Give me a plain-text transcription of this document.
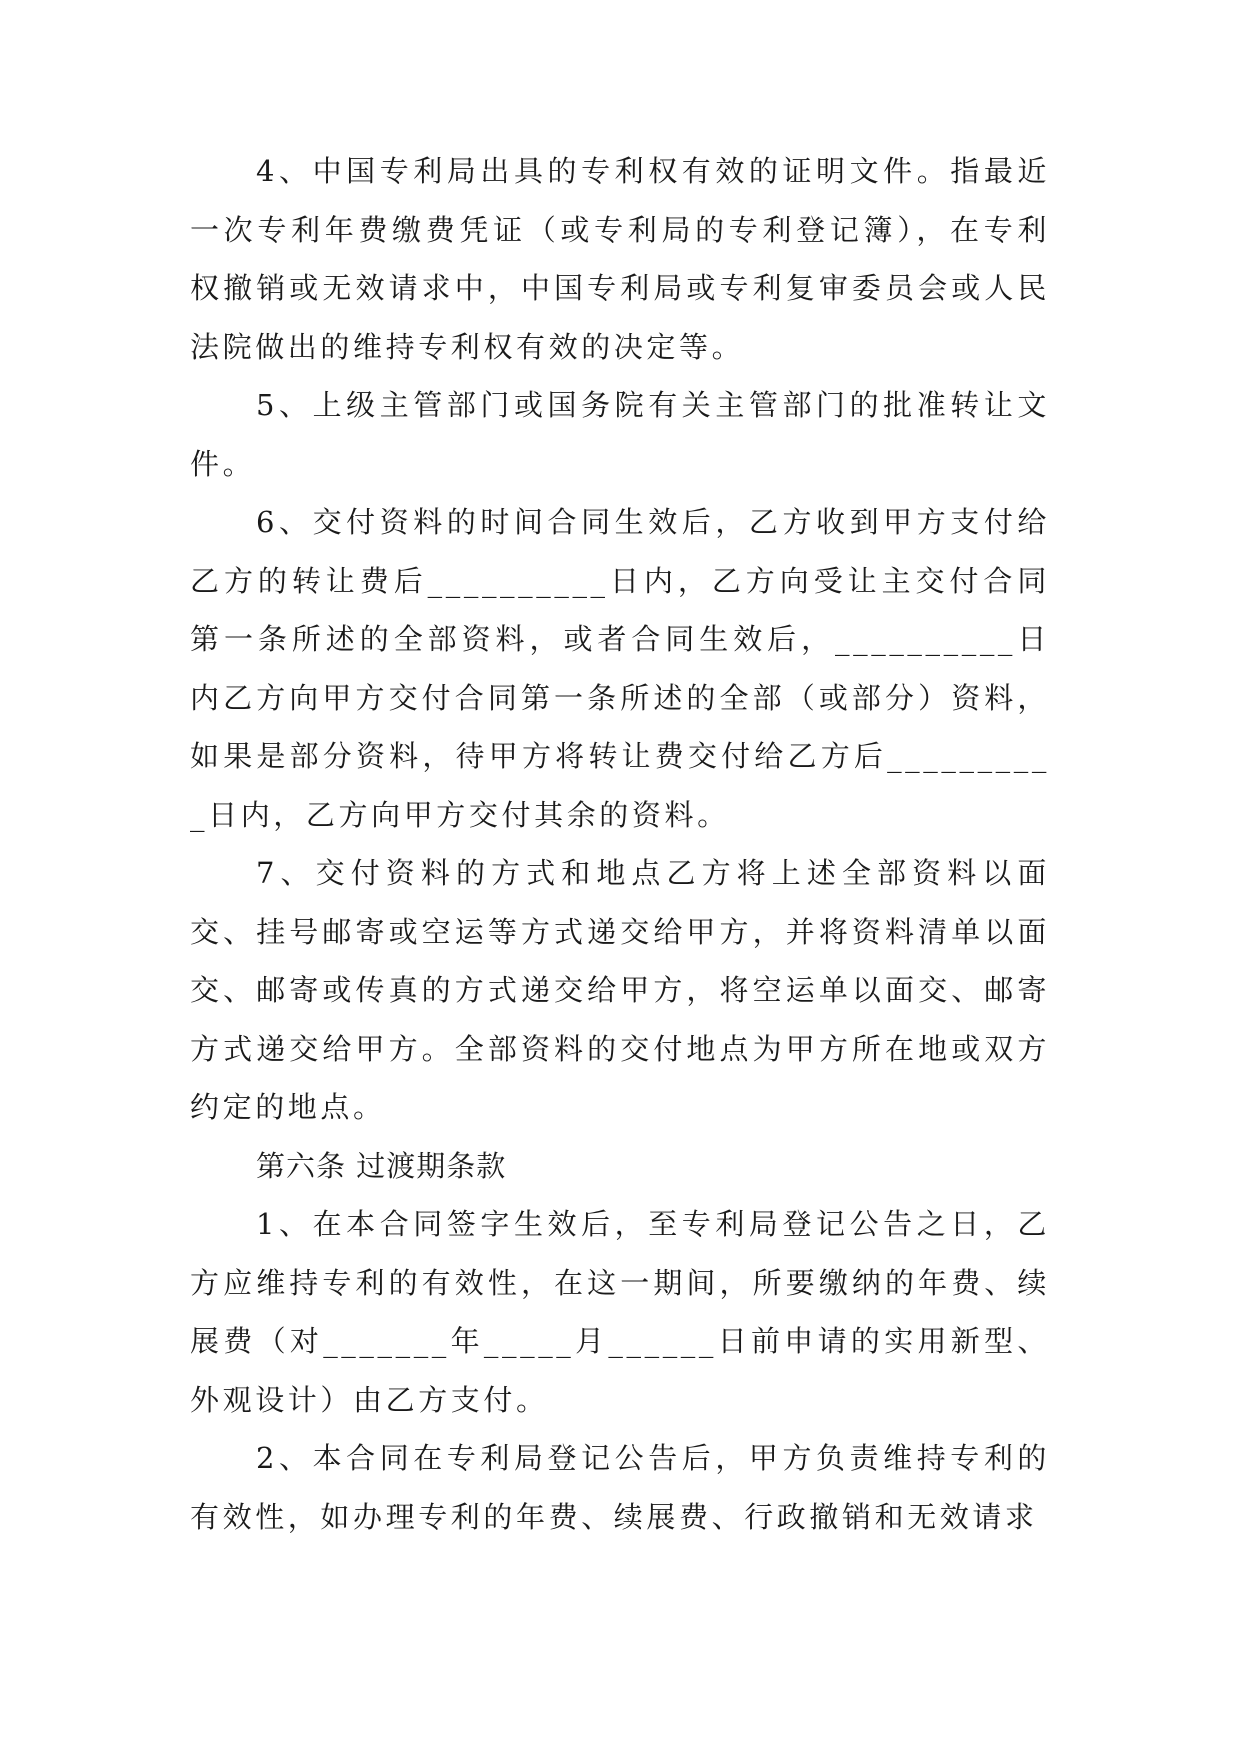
4、中国专利局出具的专利权有效的证明文件。指最近一次专利年费缴费凭证（或专利局的专利登记簿），在专利权撤销或无效请求中，中国专利局或专利复审委员会或人民法院做出的维持专利权有效的决定等。

5、上级主管部门或国务院有关主管部门的批准转让文件。

6、交付资料的时间合同生效后，乙方收到甲方支付给乙方的转让费后__________日内，乙方向受让主交付合同第一条所述的全部资料，或者合同生效后，__________日内乙方向甲方交付合同第一条所述的全部（或部分）资料，如果是部分资料，待甲方将转让费交付给乙方后__________日内，乙方向甲方交付其余的资料。

7、交付资料的方式和地点乙方将上述全部资料以面交、挂号邮寄或空运等方式递交给甲方，并将资料清单以面交、邮寄或传真的方式递交给甲方，将空运单以面交、邮寄方式递交给甲方。全部资料的交付地点为甲方所在地或双方约定的地点。

第六条 过渡期条款

1、在本合同签字生效后，至专利局登记公告之日，乙方应维持专利的有效性，在这一期间，所要缴纳的年费、续展费（对_______年_____月______日前申请的实用新型、外观设计）由乙方支付。

2、本合同在专利局登记公告后，甲方负责维持专利的有效性，如办理专利的年费、续展费、行政撤销和无效请求
